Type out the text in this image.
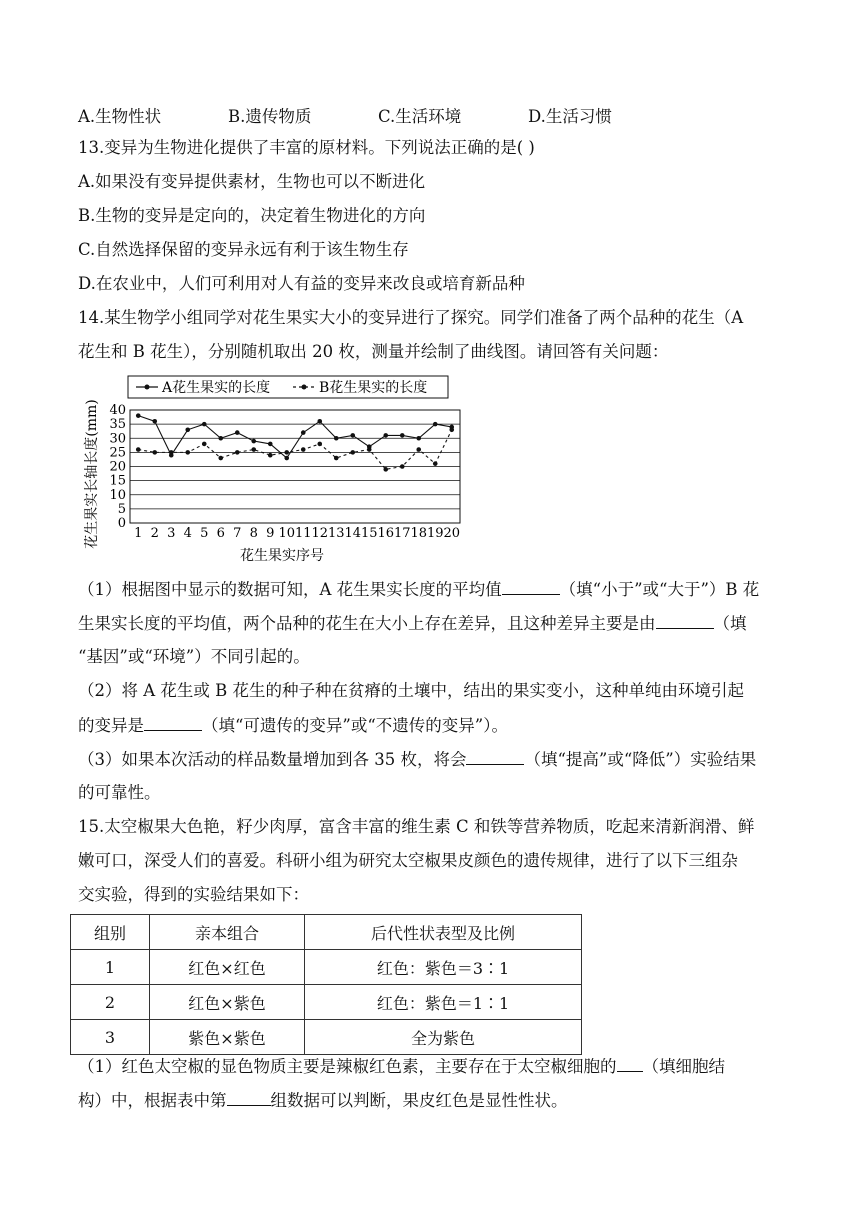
A.生物性状	B.遗传物质	C.生活环境	D.生活习惯
13.变异为生物进化提供了丰富的原材料。下列说法正确的是( )
A.如果没有变异提供素材，生物也可以不断进化
B.生物的变异是定向的，决定着生物进化的方向
C.自然选择保留的变异永远有利于该生物生存
D.在农业中，人们可利用对人有益的变异来改良或培育新品种
14.某生物学小组同学对花生果实大小的变异进行了探究。同学们准备了两个品种的花生（A
花生和 B 花生），分别随机取出 20 枚，测量并绘制了曲线图。请回答有关问题：
0
5
10
15
20
25
30
35
40
1 2 3 4 5 6 7 8 9 10 11 12 13 14 15 16 17 18 19 20
A花生果实的长度	B花生果实的长度
花生果实长轴长度(mm)
花生果实序号
（1）根据图中显示的数据可知，A 花生果实长度的平均值	（填“小于”或“大于”）B 花
生果实长度的平均值，两个品种的花生在大小上存在差异，且这种差异主要是由	（填
“基因”或“环境”）不同引起的。
（2）将 A 花生或 B 花生的种子种在贫瘠的土壤中，结出的果实变小，这种单纯由环境引起
的变异是	（填“可遗传的变异”或“不遗传的变异”）。
（3）如果本次活动的样品数量增加到各 35 枚，将会	（填“提高”或“降低”）实验结果
的可靠性。
15.太空椒果大色艳，籽少肉厚，富含丰富的维生素 C 和铁等营养物质，吃起来清新润滑、鲜
嫩可口，深受人们的喜爱。科研小组为研究太空椒果皮颜色的遗传规律，进行了以下三组杂
交实验，得到的实验结果如下：
组别	亲本组合	后代性状表型及比例
1	红色×红色	红色：紫色＝3∶1
2	红色×紫色	红色：紫色＝1∶1
3	紫色×紫色	全为紫色
（1）红色太空椒的显色物质主要是辣椒红色素，主要存在于太空椒细胞的 （填细胞结
构）中，根据表中第	组数据可以判断，果皮红色是显性性状。
